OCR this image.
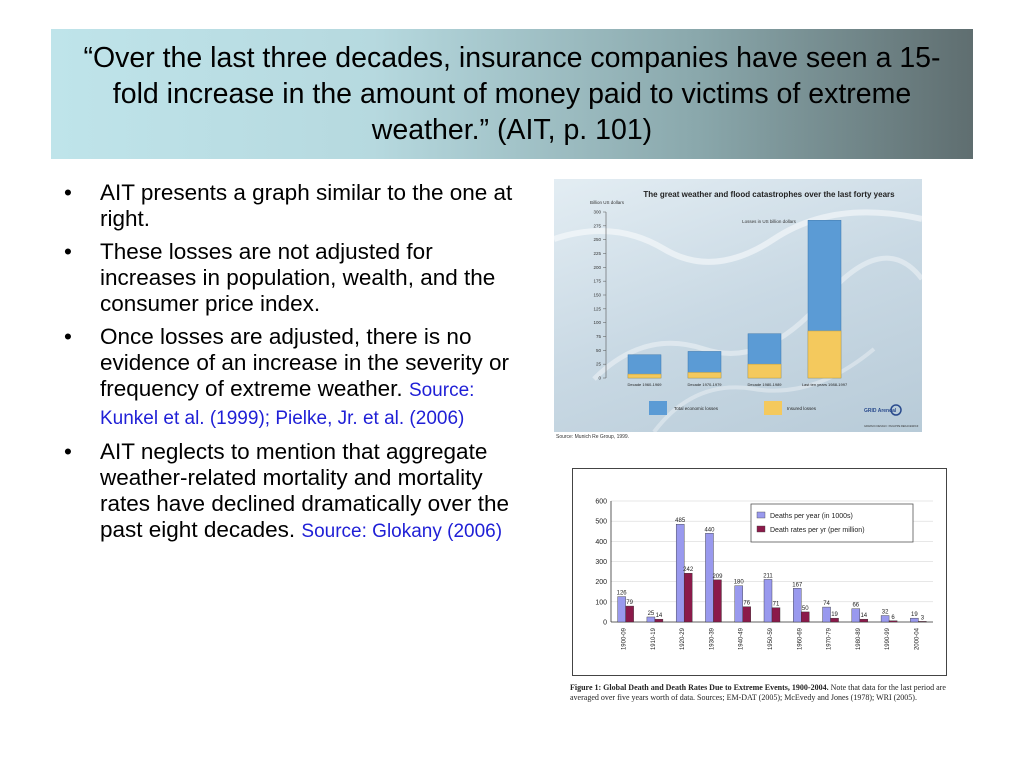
“Over the last three decades, insurance companies have seen a 15-fold increase in the amount of money paid to victims of extreme weather.” (AIT, p. 101)
• AIT presents a graph similar to the one at right.
• These losses are not adjusted for increases in population, wealth, and the consumer price index.
• Once losses are adjusted, there is no evidence of an increase in the severity or frequency of extreme weather. Source: Kunkel et al. (1999); Pielke, Jr. et al. (2006)
• AIT neglects to mention that aggregate weather-related mortality and mortality rates have declined dramatically over the past eight decades. Source: Glokany (2006)
The great weather and flood catastrophes over the last forty years
Losses in US billion dollars
Billion US dollars
0
25
50
75
100
125
150
175
200
225
250
275
300
Decade 1960-1969	Decade 1970-1979	Decade 1980-1989	Last ten years 1988-1997
Total economic losses	Insured losses	GRID Arendal
GRAPHIC DESIGN : PHILIPPE REKACEWICZ
Source: Munich Re Group, 1999.
0
100
200
300
400
500
600
126
79
25 14
485
242
440
209
180
76
211
71
167
50
74
19
66
14
32
6	19
3
1900-09	1910-19	1920-29	1930-39	1940-49	1950-59	1960-69	1970-79	1980-89	1990-99	2000-04
Deaths per year (in 1000s)
Death rates per yr (per million)

Figure 1: Global Death and Death Rates Due to Extreme Events, 1900-2004. Note that data for the last period are averaged over five years worth of data. Sources; EM-DAT (2005); McEvedy and Jones (1978); WRI (2005).
